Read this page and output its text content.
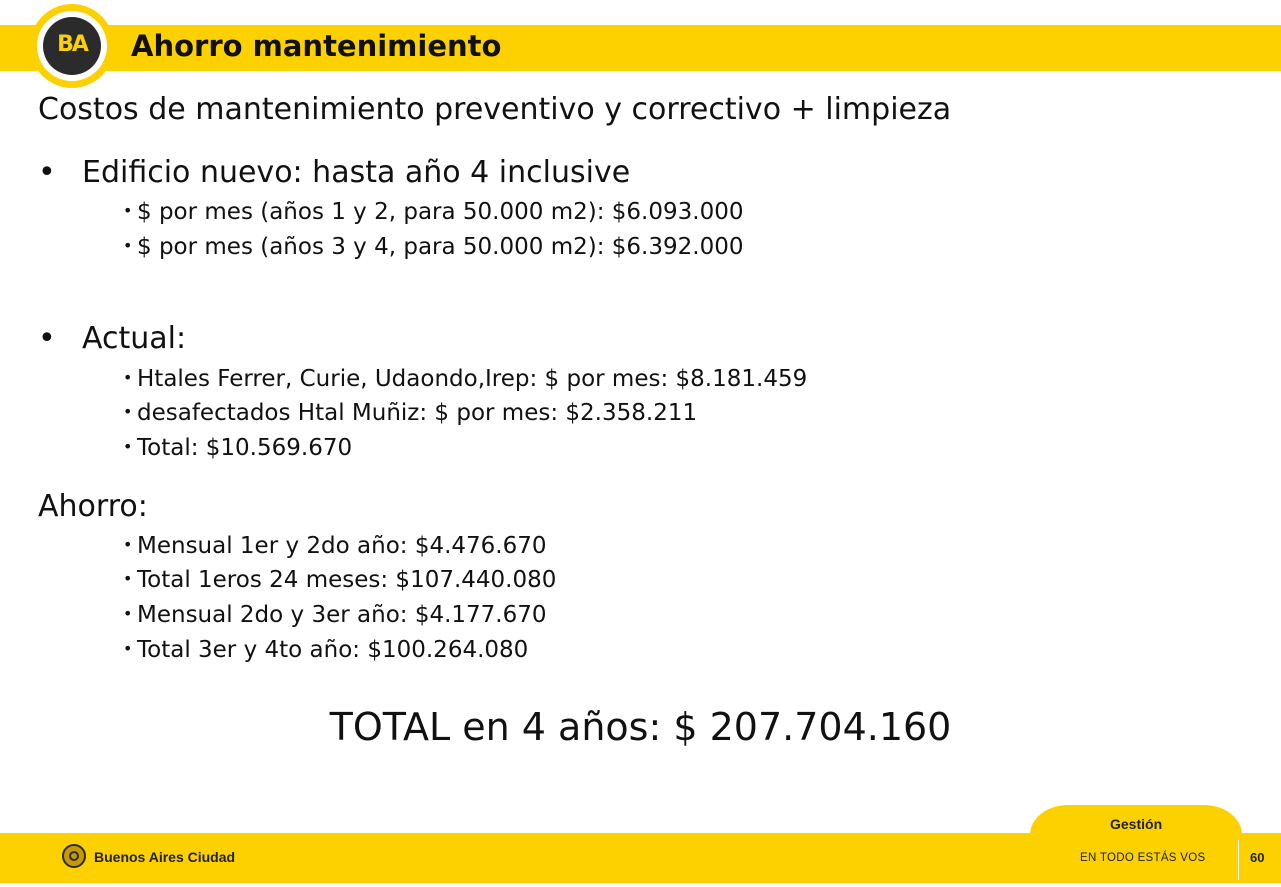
BA	Ahorro mantenimiento
Costos de mantenimiento preventivo y correctivo + limpieza
• Edificio nuevo: hasta año 4 inclusive
• $ por mes (años 1 y 2, para 50.000 m2): $6.093.000
• $ por mes (años 3 y 4, para 50.000 m2): $6.392.000
• Actual:
• Htales Ferrer, Curie, Udaondo,Irep: $ por mes: $8.181.459
• desafectados Htal Muñiz: $ por mes: $2.358.211
• Total: $10.569.670
Ahorro:
• Mensual 1er y 2do año: $4.476.670
• Total 1eros 24 meses: $107.440.080
• Mensual 2do y 3er año: $4.177.670
• Total 3er y 4to año: $100.264.080
TOTAL en 4 años: $ 207.704.160
Gestión
Buenos Aires Ciudad	EN TODO ESTÁS VOS	60
